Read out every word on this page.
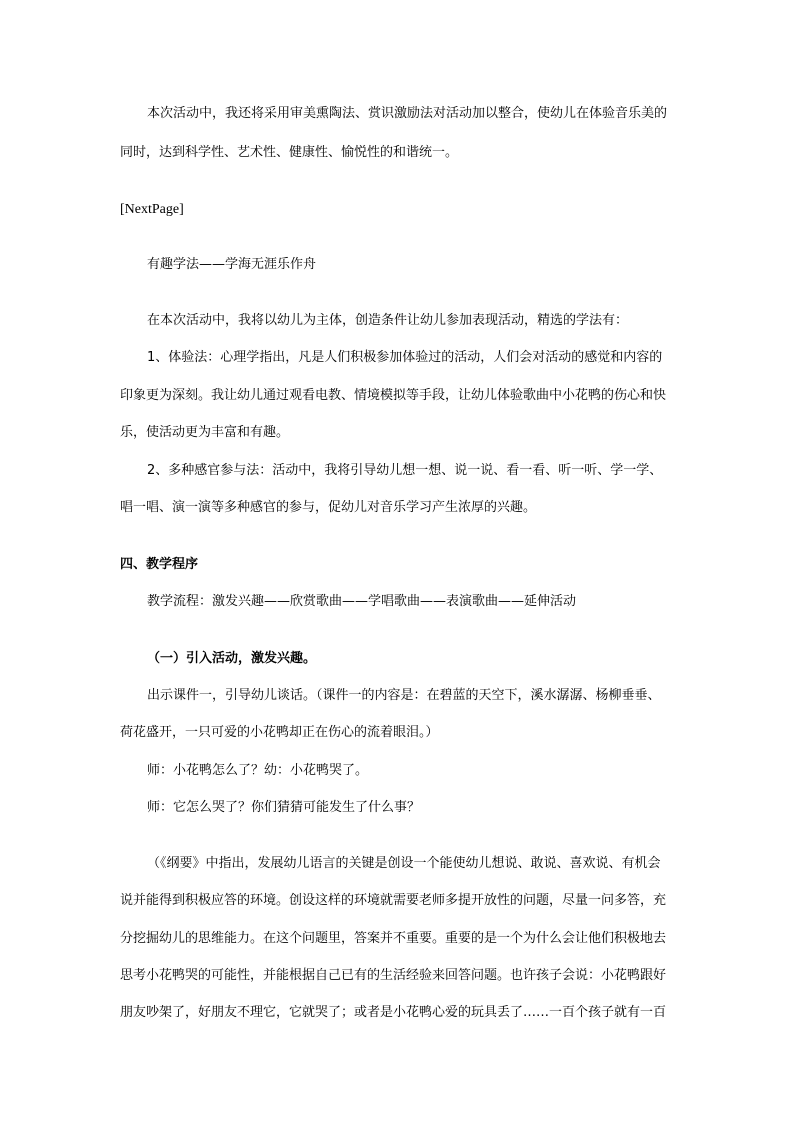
本次活动中，我还将采用审美熏陶法、赏识激励法对活动加以整合，使幼儿在体验音乐美的
同时，达到科学性、艺术性、健康性、愉悦性的和谐统一。
[NextPage]
有趣学法——学海无涯乐作舟
在本次活动中，我将以幼儿为主体，创造条件让幼儿参加表现活动，精选的学法有：
1、体验法：心理学指出，凡是人们积极参加体验过的活动，人们会对活动的感觉和内容的
印象更为深刻。我让幼儿通过观看电教、情境模拟等手段，让幼儿体验歌曲中小花鸭的伤心和快
乐，使活动更为丰富和有趣。
2、多种感官参与法：活动中，我将引导幼儿想一想、说一说、看一看、听一听、学一学、
唱一唱、演一演等多种感官的参与，促幼儿对音乐学习产生浓厚的兴趣。
四、教学程序
教学流程：激发兴趣——欣赏歌曲——学唱歌曲——表演歌曲——延伸活动
（一）引入活动，激发兴趣。
出示课件一，引导幼儿谈话。（课件一的内容是：在碧蓝的天空下，溪水潺潺、杨柳垂垂、
荷花盛开，一只可爱的小花鸭却正在伤心的流着眼泪。）
师：小花鸭怎么了？幼：小花鸭哭了。
师：它怎么哭了？你们猜猜可能发生了什么事？
（《纲要》中指出，发展幼儿语言的关键是创设一个能使幼儿想说、敢说、喜欢说、有机会
说并能得到积极应答的环境。创设这样的环境就需要老师多提开放性的问题，尽量一问多答，充
分挖掘幼儿的思维能力。在这个问题里，答案并不重要。重要的是一个为什么会让他们积极地去
思考小花鸭哭的可能性，并能根据自己已有的生活经验来回答问题。也许孩子会说：小花鸭跟好
朋友吵架了，好朋友不理它，它就哭了；或者是小花鸭心爱的玩具丢了……一百个孩子就有一百
